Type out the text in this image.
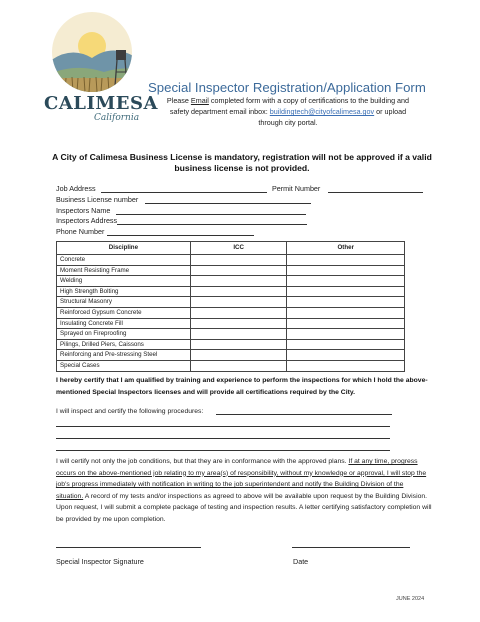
CALIMESA
California
Special Inspector Registration/Application Form
Please Email completed form with a copy of certifications to the building and
safety department email inbox: buildingtech@cityofcalimesa.gov or upload
through city portal.
A City of Calimesa Business License is mandatory, registration will not be approved if a valid business license is not provided.
Job Address	Permit Number
Business License number
Inspectors Name
Inspectors Address
Phone Number
Discipline	ICC	Other
Concrete		
Moment Resisting Frame		
Welding		
High Strength Bolting		
Structural Masonry		
Reinforced Gypsum Concrete		
Insulating Concrete Fill		
Sprayed on Fireproofing		
Pilings, Drilled Piers, Caissons		
Reinforcing and Pre-stressing Steel		
Special Cases		
I hereby certify that I am qualified by training and experience to perform the inspections for which I hold the above-mentioned Special Inspectors licenses and will provide all certifications required by the City.
I will inspect and certify the following procedures:
I will certify not only the job conditions, but that they are in conformance with the approved plans. If at any time, progress occurs on the above-mentioned job relating to my area(s) of responsibility, without my knowledge or approval, I will stop the job's progress immediately with notification in writing to the job superintendent and notify the Building Division of the situation. A record of my tests and/or inspections as agreed to above will be available upon request by the Building Division. Upon request, I will submit a complete package of testing and inspection results. A letter certifying satisfactory completion will be provided by me upon completion.
Special Inspector Signature	Date
JUNE 2024
